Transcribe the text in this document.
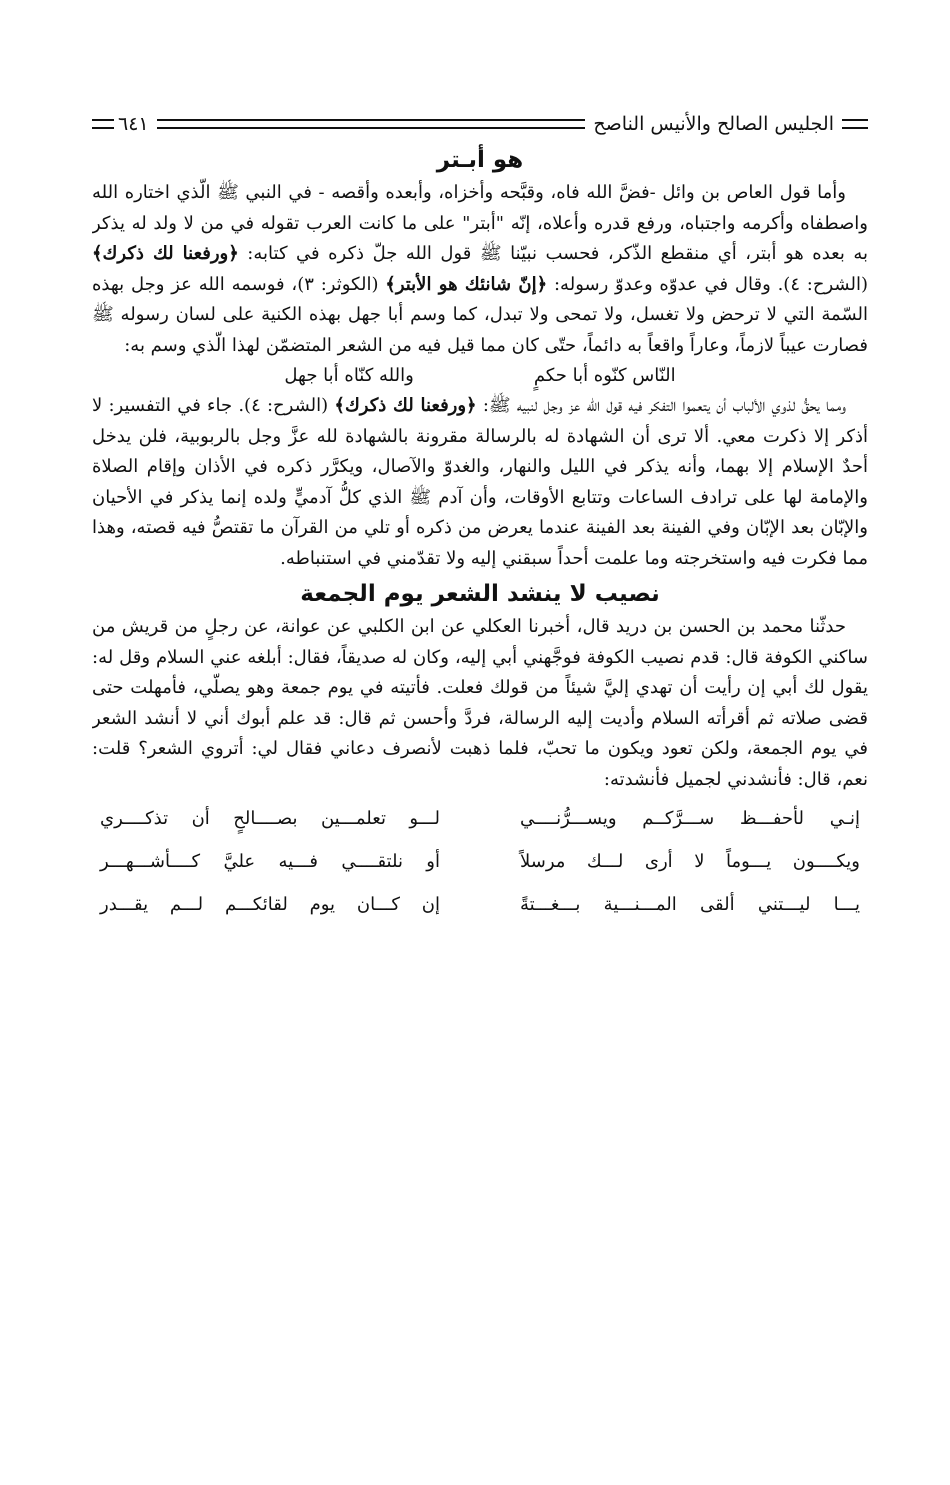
الجليس الصالح والأنيس الناصح
٦٤١
هو أبـتر

وأما قول العاص بن وائل -فضَّ الله فاه، وقبَّحه وأخزاه، وأبعده وأقصه - في النبي ﷺ الّذي اختاره الله واصطفاه وأكرمه واجتباه، ورفع قدره وأعلاه، إنّه "أبتر" على ما كانت العرب تقوله في من لا ولد له يذكر به بعده هو أبتر، أي منقطع الذّكر، فحسب نبيّنا ﷺ قول الله جلّ ذكره في كتابه: ﴿ورفعنا لك ذكرك﴾ (الشرح: ٤). وقال في عدوّه وعدوّ رسوله: ﴿إنّ شانئك هو الأبتر﴾ (الكوثر: ٣)، فوسمه الله عز وجل بهذه السّمة التي لا ترحض ولا تغسل، ولا تمحى ولا تبدل، كما وسم أبا جهل بهذه الكنية على لسان رسوله ﷺ فصارت عيباً لازماً، وعاراً واقعاً به دائماً، حتّى كان مما قيل فيه من الشعر المتضمّن لهذا الّذي وسم به:

النّاس كنّوه أبا حكمٍ
والله كنّاه أبا جهل

ومما يحقُّ لذوي الألباب أن يتعموا التفكر فيه قول الله عز وجل لنبيه ﷺ: ﴿ورفعنا لك ذكرك﴾ (الشرح: ٤). جاء في التفسير: لا أذكر إلا ذكرت معي. ألا ترى أن الشهادة له بالرسالة مقرونة بالشهادة لله عزَّ وجل بالربوبية، فلن يدخل أحدٌ الإسلام إلا بهما، وأنه يذكر في الليل والنهار، والغدوّ والآصال، ويكرَّر ذكره في الأذان وإقام الصلاة والإمامة لها على ترادف الساعات وتتابع الأوقات، وأن آدم ﷺ الذي كلُّ آدميٍّ ولده إنما يذكر في الأحيان والإبّان بعد الإبّان وفي الفينة بعد الفينة عندما يعرض من ذكره أو تلي من القرآن ما تقتصُّ فيه قصته، وهذا مما فكرت فيه واستخرجته وما علمت أحداً سبقني إليه ولا تقدّمني في استنباطه.

نصيب لا ينشد الشعر يوم الجمعة

حدثّنا محمد بن الحسن بن دريد قال، أخبرنا العكلي عن ابن الكلبي عن عوانة، عن رجلٍ من قريش من ساكني الكوفة قال: قدم نصيب الكوفة فوجَّهني أبي إليه، وكان له صديقاً، فقال: أبلغه عني السلام وقل له: يقول لك أبي إن رأيت أن تهدي إليَّ شيئاً من قولك فعلت. فأتيته في يوم جمعة وهو يصلّي، فأمهلت حتى قضى صلاته ثم أقرأته السلام وأديت إليه الرسالة، فردَّ وأحسن ثم قال: قد علم أبوك أني لا أنشد الشعر في يوم الجمعة، ولكن تعود ويكون ما تحبّ، فلما ذهبت لأنصرف دعاني فقال لي: أتروي الشعر؟ قلت: نعم، قال: فأنشدني لجميل فأنشدته:

إنـي لأحفـــظ ســـرَّكــم ويســـرُّنــــي
لـــو تعلمـــين بصــــالحٍ أن تذكــــري
ويكــــون يـــوماً لا أرى لـــك مرسلاً
أو نلتقــــي فـــيه عليَّ كــــأشـــهـــر
يـــا ليـــتني ألقى المـــنـــية بـــغـــتةً
إن كـــان يوم لقائكـــم لـــم يقـــدر
